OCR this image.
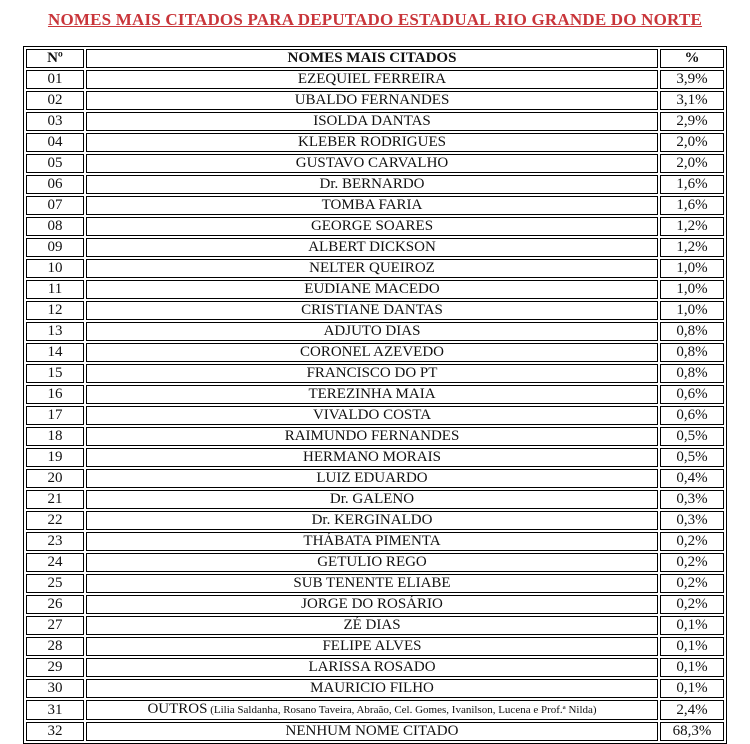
NOMES MAIS CITADOS PARA DEPUTADO ESTADUAL RIO GRANDE DO NORTE
Nº	NOMES MAIS CITADOS	%
01	EZEQUIEL FERREIRA	3,9%
02	UBALDO FERNANDES	3,1%
03	ISOLDA DANTAS	2,9%
04	KLEBER RODRIGUES	2,0%
05	GUSTAVO CARVALHO	2,0%
06	Dr. BERNARDO	1,6%
07	TOMBA FARIA	1,6%
08	GEORGE SOARES	1,2%
09	ALBERT DICKSON	1,2%
10	NELTER QUEIROZ	1,0%
11	EUDIANE MACEDO	1,0%
12	CRISTIANE DANTAS	1,0%
13	ADJUTO DIAS	0,8%
14	CORONEL AZEVEDO	0,8%
15	FRANCISCO DO PT	0,8%
16	TEREZINHA MAIA	0,6%
17	VIVALDO COSTA	0,6%
18	RAIMUNDO FERNANDES	0,5%
19	HERMANO MORAIS	0,5%
20	LUIZ EDUARDO	0,4%
21	Dr. GALENO	0,3%
22	Dr. KERGINALDO	0,3%
23	THÁBATA PIMENTA	0,2%
24	GETULIO REGO	0,2%
25	SUB TENENTE ELIABE	0,2%
26	JORGE DO ROSÁRIO	0,2%
27	ZÉ DIAS	0,1%
28	FELIPE ALVES	0,1%
29	LARISSA ROSADO	0,1%
30	MAURICIO FILHO	0,1%
31	OUTROS (Lilia Saldanha, Rosano Taveira, Abraão, Cel. Gomes, Ivanilson, Lucena e Prof.ª Nilda)	2,4%
32	NENHUM NOME CITADO	68,3%
